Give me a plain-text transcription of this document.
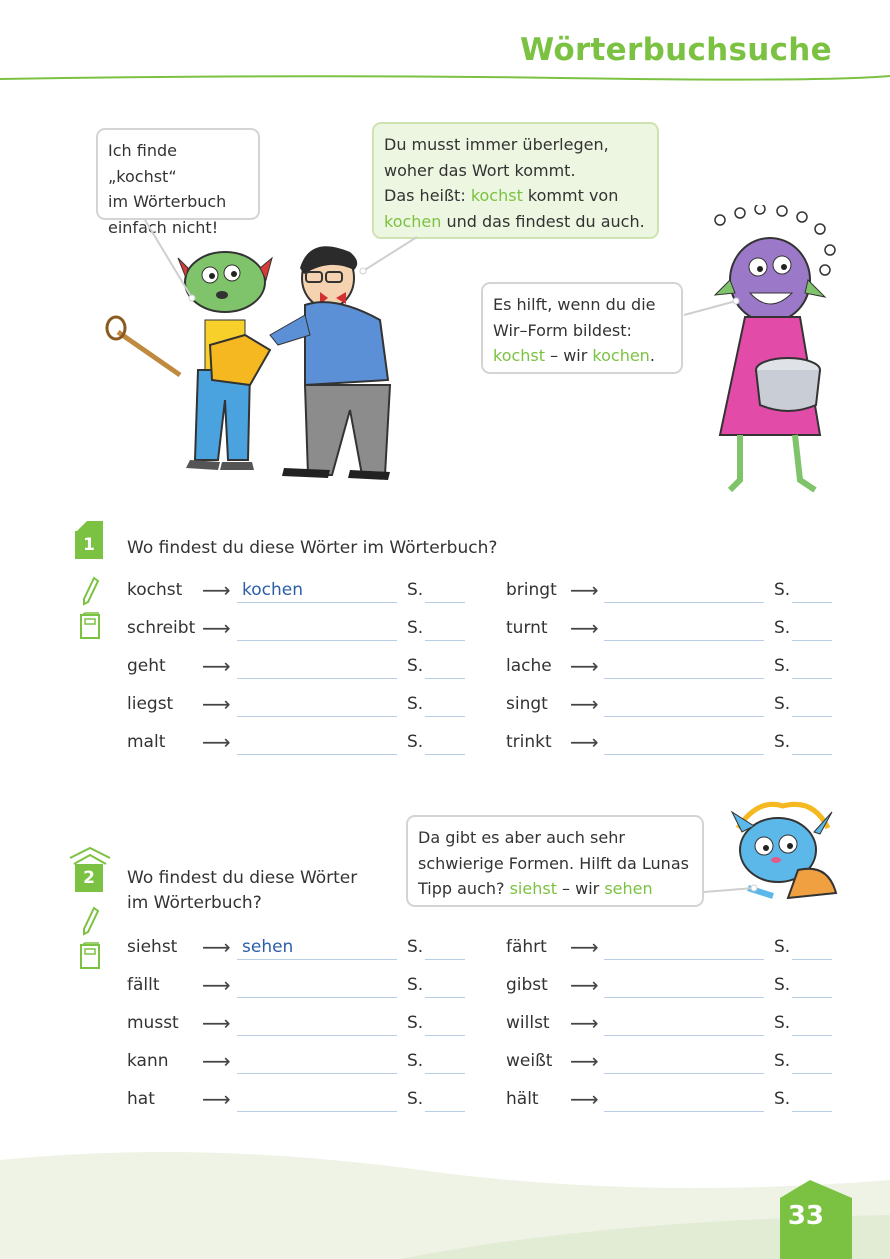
Wörterbuchsuche
Ich finde „kochst“
im Wörterbuch
einfach nicht!
Du musst immer überlegen,
woher das Wort kommt.
Das heißt: kochst kommt von
kochen und das findest du auch.
Es hilft, wenn du die
Wir–Form bildest:
kochst – wir kochen.
Da gibt es aber auch sehr
schwierige Formen. Hilft da Lunas
Tipp auch? siehst – wir sehen
1	Wo findest du diese Wörter im Wörterbuch?
kochst ⟶ kochen	S.
schreibt ⟶	S.
geht ⟶	S.
liegst ⟶	S.
malt ⟶	S.
bringt ⟶	S.
turnt ⟶	S.
lache ⟶	S.
singt ⟶	S.
trinkt ⟶	S.
2	Wo findest du diese Wörter
im Wörterbuch?
siehst ⟶ sehen	S.
fällt ⟶	S.
musst ⟶	S.
kann ⟶	S.
hat ⟶	S.
fährt ⟶	S.
gibst ⟶	S.
willst ⟶	S.
weißt ⟶	S.
hält ⟶	S.
33
